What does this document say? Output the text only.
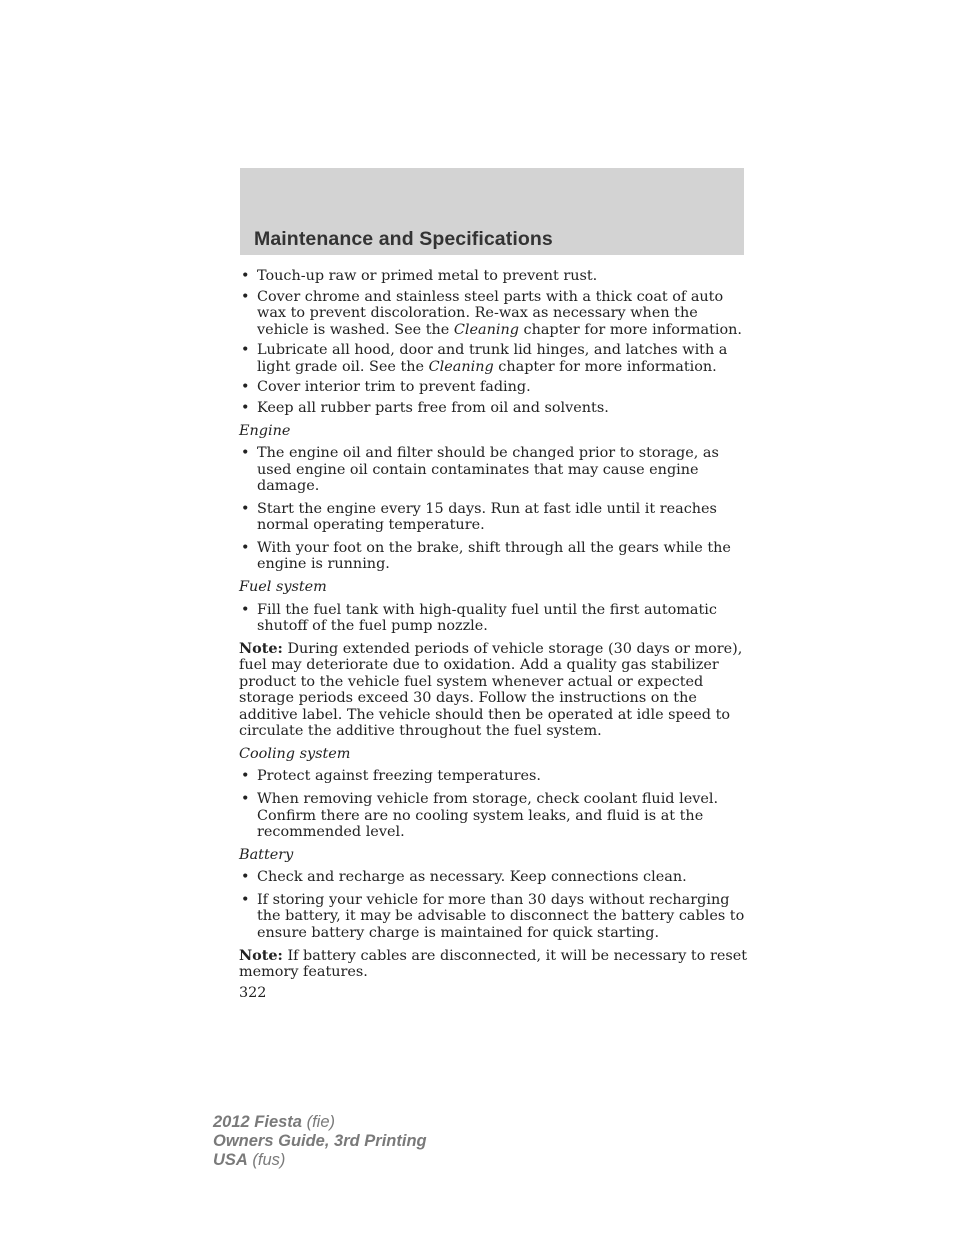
Maintenance and Specifications
• Touch-up raw or primed metal to prevent rust.
• Cover chrome and stainless steel parts with a thick coat of auto wax to prevent discoloration. Re-wax as necessary when the vehicle is washed. See the Cleaning chapter for more information.
• Lubricate all hood, door and trunk lid hinges, and latches with a light grade oil. See the Cleaning chapter for more information.
• Cover interior trim to prevent fading.
• Keep all rubber parts free from oil and solvents.
Engine
• The engine oil and filter should be changed prior to storage, as used engine oil contain contaminates that may cause engine damage.
• Start the engine every 15 days. Run at fast idle until it reaches normal operating temperature.
• With your foot on the brake, shift through all the gears while the engine is running.
Fuel system
• Fill the fuel tank with high-quality fuel until the first automatic shutoff of the fuel pump nozzle.
Note: During extended periods of vehicle storage (30 days or more), fuel may deteriorate due to oxidation. Add a quality gas stabilizer product to the vehicle fuel system whenever actual or expected storage periods exceed 30 days. Follow the instructions on the additive label. The vehicle should then be operated at idle speed to circulate the additive throughout the fuel system.
Cooling system
• Protect against freezing temperatures.
• When removing vehicle from storage, check coolant fluid level. Confirm there are no cooling system leaks, and fluid is at the recommended level.
Battery
• Check and recharge as necessary. Keep connections clean.
• If storing your vehicle for more than 30 days without recharging the battery, it may be advisable to disconnect the battery cables to ensure battery charge is maintained for quick starting.
Note: If battery cables are disconnected, it will be necessary to reset memory features.
322
2012 Fiesta (fie)
Owners Guide, 3rd Printing
USA (fus)
